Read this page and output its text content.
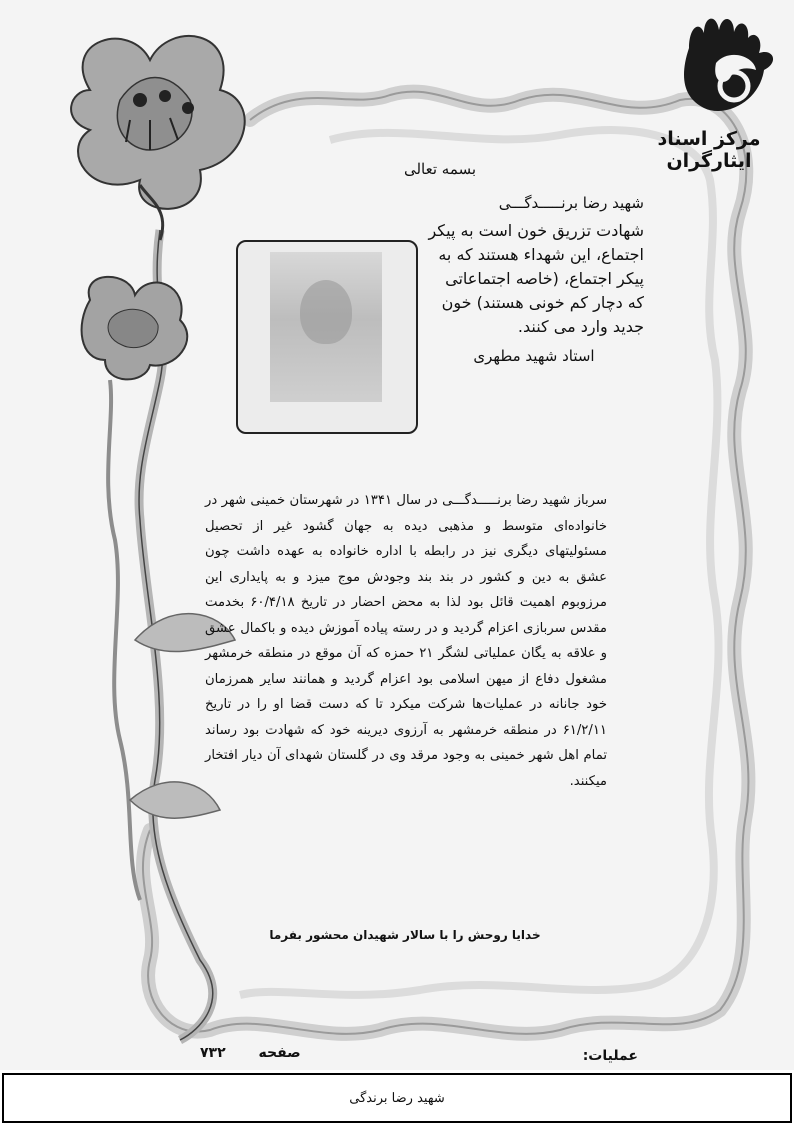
مرکز اسناد ایثارگران
بسمه تعالی
شهید رضا برنـــــدگـــی
شهادت تزریق خون است به پیکر اجتماع، این شهداء هستند که به پیکر اجتماع، (خاصه اجتماعاتی که دچار کم خونی هستند) خون جدید وارد می کنند.
استاد شهید مطهری
سرباز شهید رضا برنـــــدگـــی در سال ۱۳۴۱ در شهرستان خمینی شهر در خانواده‌ای متوسط و مذهبی دیده به جهان گشود غیر از تحصیل مسئولیتهای دیگری نیز در رابطه با اداره خانواده به عهده داشت چون عشق به دین و کشور در بند بند وجودش موج میزد و به پایداری این مرزوبوم اهمیت قائل بود لذا به محض احضار در تاریخ ۶۰/۴/۱۸ بخدمت مقدس سربازی اعزام گردید و در رسته پیاده آموزش دیده و باکمال عشق و علاقه به یگان عملیاتی لشگر ۲۱ حمزه که آن موقع در منطقه خرمشهر مشغول دفاع از میهن اسلامی بود اعزام گردید و همانند سایر همرزمان خود جانانه در عملیات‌ها شرکت میکرد تا که دست قضا او را در تاریخ ۶۱/۲/۱۱ در منطقه خرمشهر به آرزوی دیرینه خود که شهادت بود رساند تمام اهل شهر خمینی به وجود مرقد وی در گلستان شهدای آن دیار افتخار میکنند.
خدایا روحش را با سالار شهیدان محشور بفرما
صفحه ۷۳۲	عملیات:
شهید رضا برندگی
